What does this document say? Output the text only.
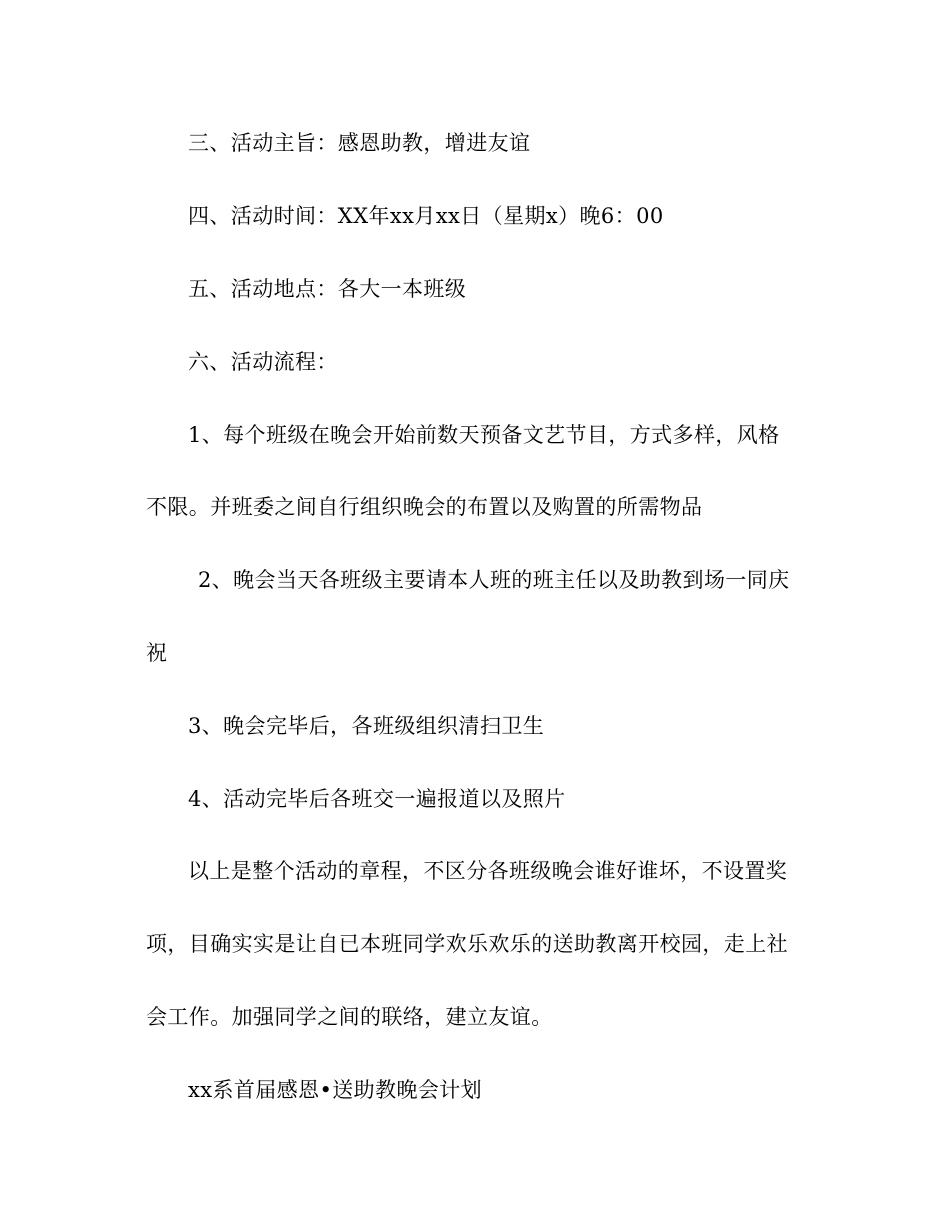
三、活动主旨：感恩助教，增进友谊
四、活动时间：XX年xx月xx日（星期x）晚6：00
五、活动地点：各大一本班级
六、活动流程：
1、每个班级在晚会开始前数天预备文艺节目，方式多样，风格
不限。并班委之间自行组织晚会的布置以及购置的所需物品
2、晚会当天各班级主要请本人班的班主任以及助教到场一同庆
祝
3、晚会完毕后，各班级组织清扫卫生
4、活动完毕后各班交一遍报道以及照片
以上是整个活动的章程，不区分各班级晚会谁好谁坏，不设置奖
项，目确实实是让自已本班同学欢乐欢乐的送助教离开校园，走上社
会工作。加强同学之间的联络，建立友谊。
xx系首届感恩•送助教晚会计划
